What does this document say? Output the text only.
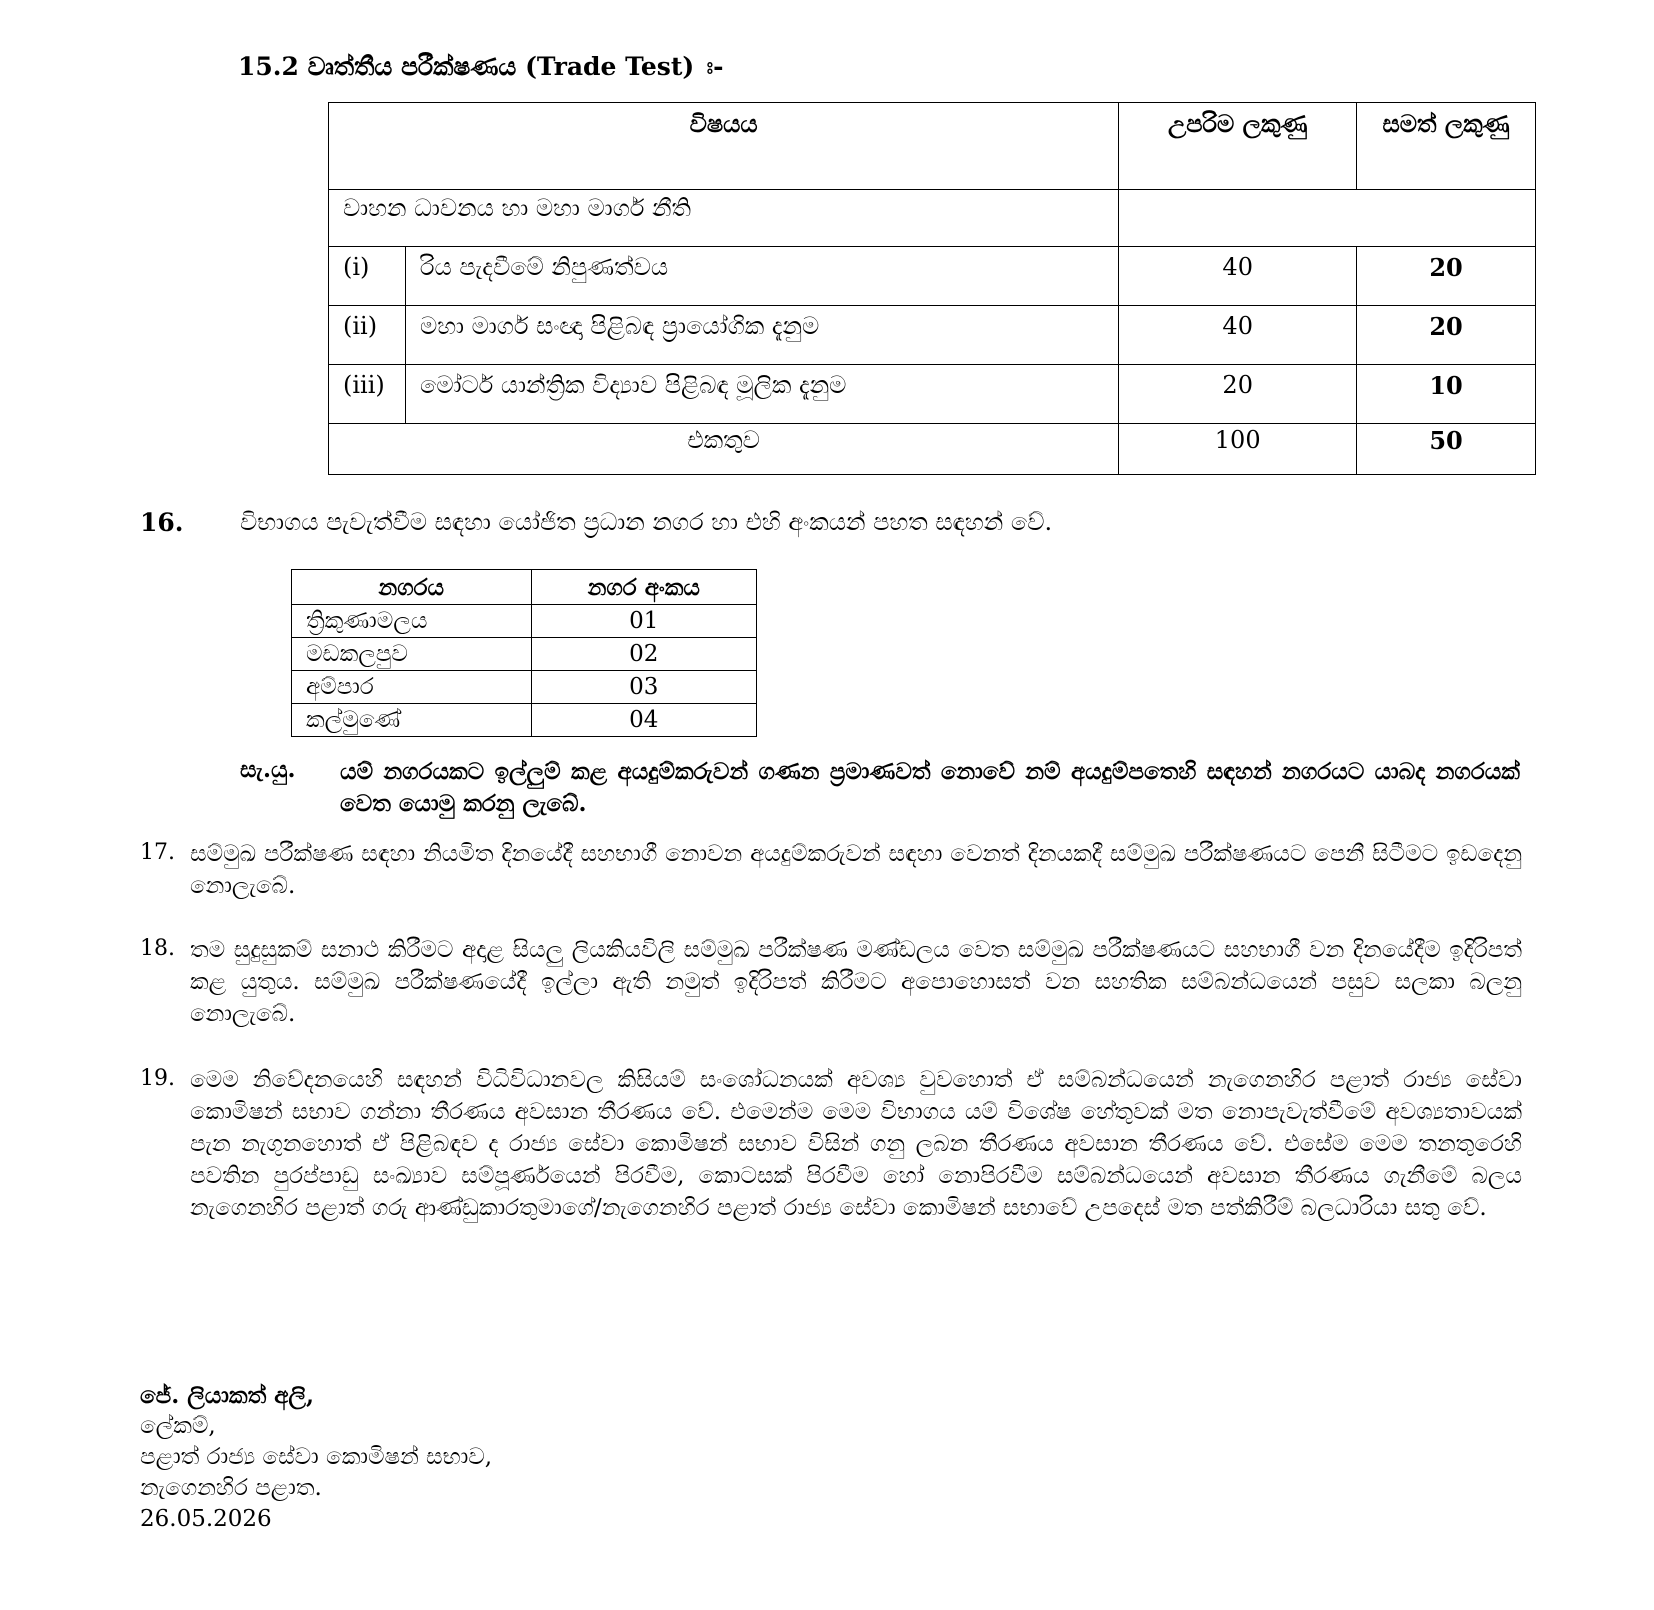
15.2 වෘත්තීය පරීක්ෂණය (Trade Test) ඃ-
විෂයය		උපරිම ලකුණු	සමත් ලකුණු
වාහන ධාවනය හා මහා මාර්ග නීති			
(i)	රිය පැදවීමේ නිපුණත්වය	40	20
(ii)	මහා මාර්ග සංඥා පිළිබඳ ප්‍රායෝගික දැනුම	40	20
(iii)	මෝටර් යාන්ත්‍රික විද්‍යාව පිළිබඳ මූලික දැනුම	20	10
එකතුව		100	50
16. විභාගය පැවැත්වීම සඳහා යෝජිත ප්‍රධාන නගර හා එහි අංකයන් පහත සඳහන් වේ.
නගරය	නගර අංකය
ත්‍රිකුණාමලය	01
මඩකලපුව	02
අම්පාර	03
කල්මුණේ	04
සැ.යු. යම් නගරයකට ඉල්ලුම් කළ අයදුම්කරුවන් ගණන ප්‍රමාණවත් නොවේ නම් අයදුම්පතෙහි සඳහන් නගරයට යාබද නගරයක් වෙත යොමු කරනු ලැබේ.
17. සම්මුඛ පරීක්ෂණ සඳහා නියමිත දිනයේදී සහභාගී නොවන අයදුම්කරුවන් සඳහා වෙනත් දිනයකදී සම්මුඛ පරීක්ෂණයට පෙනී සිටීමට ඉඩදෙනු නොලැබේ.
18. තම සුදුසුකම් සනාථ කිරීමට අදාළ සියලු ලියකියවිලි සම්මුඛ පරීක්ෂණ මණ්ඩලය වෙත සම්මුඛ පරීක්ෂණයට සහභාගී වන දිනයේදීම ඉදිරිපත් කළ යුතුය. සම්මුඛ පරීක්ෂණයේදී ඉල්ලා ඇති නමුත් ඉදිරිපත් කිරීමට අපොහොසත් වන සහතික සම්බන්ධයෙන් පසුව සලකා බලනු නොලැබේ.
19. මෙම නිවේදනයෙහි සඳහන් විධිවිධානවල කිසියම් සංශෝධනයක් අවශ්‍ය වුවහොත් ඒ සම්බන්ධයෙන් නැගෙනහිර පළාත් රාජ්‍ය සේවා කොමිෂන් සභාව ගන්නා තීරණය අවසාන තීරණය වේ. එමෙන්ම මෙම විභාගය යම් විශේෂ හේතුවක් මත නොපැවැත්වීමේ අවශ්‍යතාවයක් පැන නැගුනහොත් ඒ පිළිබඳව ද රාජ්‍ය සේවා කොමිෂන් සභාව විසින් ගනු ලබන තීරණය අවසාන තීරණය වේ. එසේම මෙම තනතුරෙහි පවතින පුරප්පාඩු සංඛ්‍යාව සම්පූර්ණයෙන් පිරවීම, කොටසක් පිරවීම හෝ නොපිරවීම සම්බන්ධයෙන් අවසාන තීරණය ගැනීමේ බලය නැගෙනහිර පළාත් ගරු ආණ්ඩුකාරතුමාගේ/නැගෙනහිර පළාත් රාජ්‍ය සේවා කොමිෂන් සභාවේ උපදෙස් මත පත්කිරීම් බලධාරියා සතු වේ.
ජේ. ලියාකත් අලි,
ලේකම්,
පළාත් රාජ්‍ය සේවා කොමිෂන් සභාව,
නැගෙනහිර පළාත.
26.05.2026
